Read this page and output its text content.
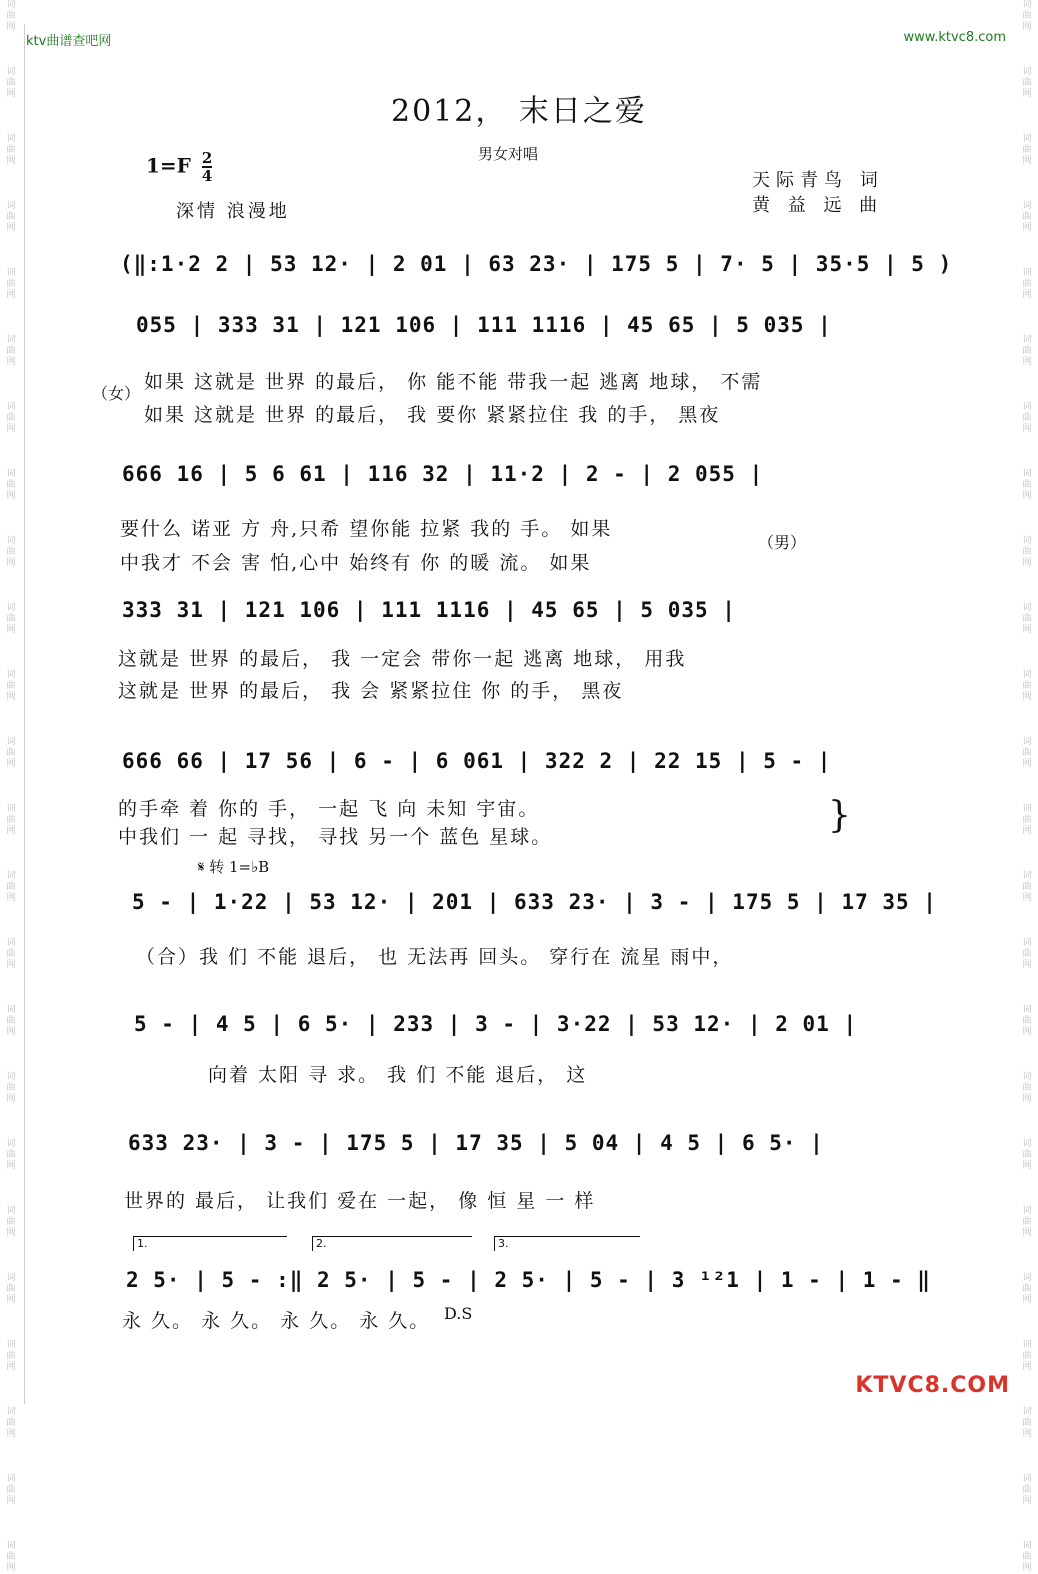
词
曲
网
词
曲
网
词
曲
网
词
曲
网
词
曲
网
词
曲
网
词
曲
网
词
曲
网
词
曲
网
词
曲
网
词
曲
网
词
曲
网
词
曲
网
词
曲
网
词
曲
网
词
曲
网
词
曲
网
词
曲
网
词
曲
网
词
曲
网
词
曲
网
词
曲
网
词
曲
网
词
曲
网
词
曲
网
词
曲
网
词
曲
网
词
曲
网
词
曲
网
词
曲
网
词
曲
网
词
曲
网
词
曲
网
词
曲
网
词
曲
网
词
曲
网
词
曲
网
词
曲
网
词
曲
网
词
曲
网
词
曲
网
词
曲
网
词
曲
网
词
曲
网
词
曲
网
词
曲
网
词
曲
网
词
曲
网
ktv曲谱查吧网	www.ktvc8.com
2012， 末日之爱
$1=F \frac{2}{4}$	男女对唱
天际青鸟 词
黄 益 远 曲
深情 浪漫地
(‖:1·2 2 | 53 12· | 2 01 | 63 23· | 175 5 | 7· 5 | 35·5 | 5 )
055 | 333 31 | 121 106 | 111 1116 | 45 65 | 5 035 |
（女）
如果 这就是 世界 的最后， 你 能不能 带我一起 逃离 地球， 不需
如果 这就是 世界 的最后， 我 要你 紧紧拉住 我 的手， 黑夜
666 16 | 5 6 61 | 116 32 | 11·2 | 2 - | 2 055 |
要什么 诺亚 方 舟,只希 望你能 拉紧 我的 手。 如果
中我才 不会 害 怕,心中 始终有 你 的暖 流。 如果
（男）
333 31 | 121 106 | 111 1116 | 45 65 | 5 035 |
这就是 世界 的最后， 我 一定会 带你一起 逃离 地球， 用我
这就是 世界 的最后， 我 会 紧紧拉住 你 的手， 黑夜
666 66 | 17 56 | 6 - | 6 061 | 322 2 | 22 15 | 5 - |
的手牵 着 你的 手， 一起 飞 向 未知 宇宙。
中我们 一 起 寻找， 寻找 另一个 蓝色 星球。
}
𝄋 转 1=♭B
5 - | 1·22 | 53 12· | 201 | 633 23· | 3 - | 175 5 | 17 35 |
（合）我 们 不能 退后， 也 无法再 回头。 穿行在 流星 雨中，
5 - | 4 5 | 6 5· | 233 | 3 - | 3·22 | 53 12· | 2 01 |
向着 太阳 寻 求。 我 们 不能 退后， 这
633 23· | 3 - | 175 5 | 17 35 | 5 04 | 4 5 | 6 5· |
世界的 最后， 让我们 爱在 一起， 像 恒 星 一 样
1.	2.	3.
2 5· | 5 - :‖ 2 5· | 5 - | 2 5· | 5 - | 3 ¹²1 | 1 - | 1 - ‖
D.S
永 久。 永 久。 永 久。 永 久。
KTVC8.COM
